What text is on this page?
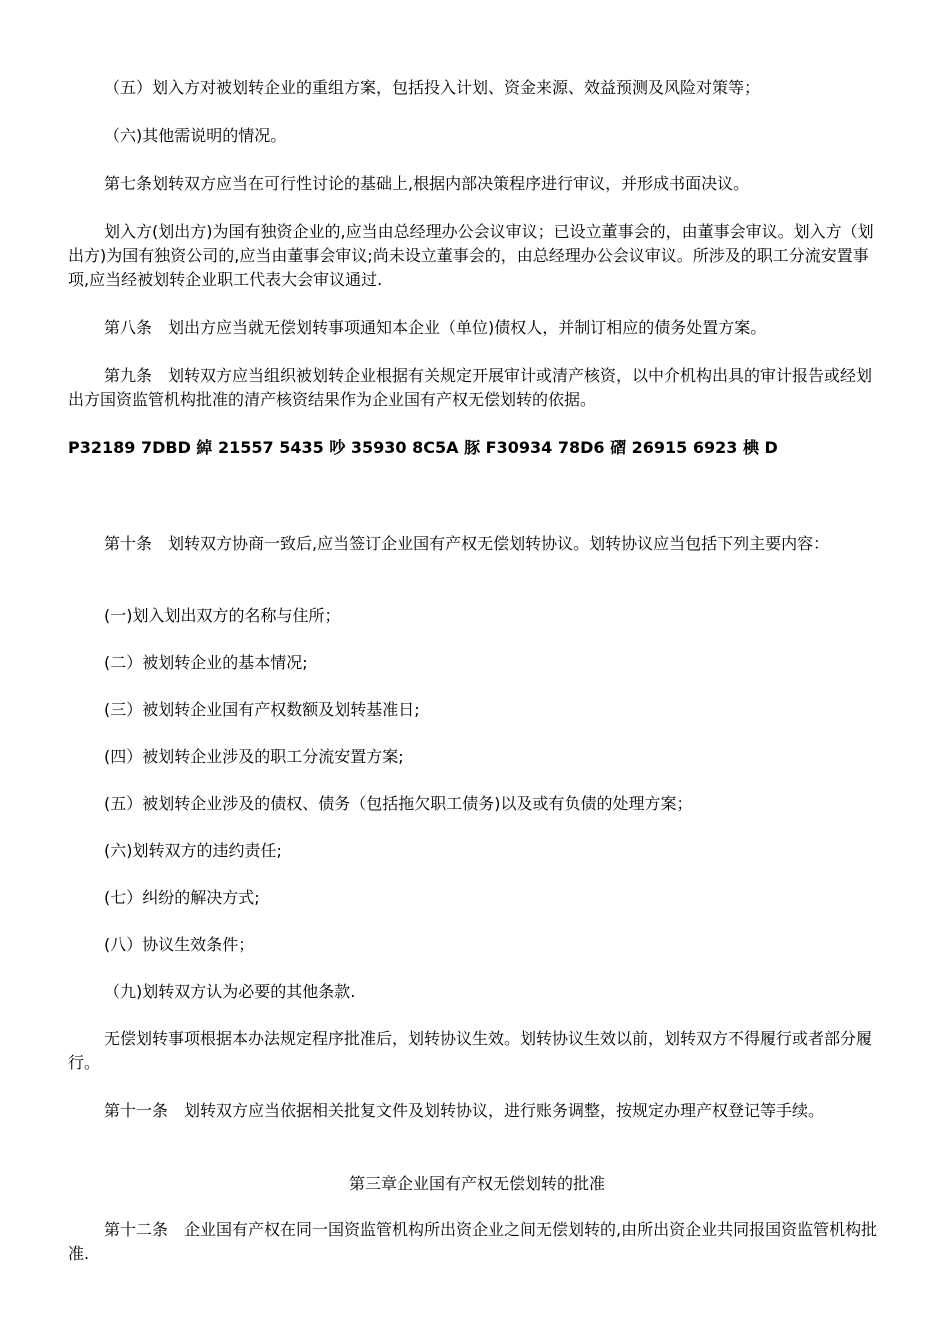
（五）划入方对被划转企业的重组方案，包括投入计划、资金来源、效益预测及风险对策等；

（六)其他需说明的情况。

第七条划转双方应当在可行性讨论的基础上,根据内部决策程序进行审议，并形成书面决议。

划入方(划出方)为国有独资企业的,应当由总经理办公会议审议；已设立董事会的，由董事会审议。划入方（划出方)为国有独资公司的,应当由董事会审议;尚未设立董事会的，由总经理办公会议审议。所涉及的职工分流安置事项,应当经被划转企业职工代表大会审议通过.

第八条　划出方应当就无偿划转事项通知本企业（单位)债权人，并制订相应的债务处置方案。

第九条　划转双方应当组织被划转企业根据有关规定开展审计或清产核资，以中介机构出具的审计报告或经划出方国资监管机构批准的清产核资结果作为企业国有产权无偿划转的依据。

P32189 7DBD 綽 21557 5435 吵 35930 8C5A 豚 F30934 78D6 磖 26915 6923 椣 D

第十条　划转双方协商一致后,应当签订企业国有产权无偿划转协议。划转协议应当包括下列主要内容：

(一)划入划出双方的名称与住所；

(二）被划转企业的基本情况;

(三）被划转企业国有产权数额及划转基准日;

(四）被划转企业涉及的职工分流安置方案;

(五）被划转企业涉及的债权、债务（包括拖欠职工债务)以及或有负债的处理方案；

(六)划转双方的违约责任;

(七）纠纷的解决方式;

(八）协议生效条件；

（九)划转双方认为必要的其他条款.

无偿划转事项根据本办法规定程序批准后，划转协议生效。划转协议生效以前，划转双方不得履行或者部分履行。

第十一条　划转双方应当依据相关批复文件及划转协议，进行账务调整，按规定办理产权登记等手续。

第三章企业国有产权无偿划转的批准

第十二条　企业国有产权在同一国资监管机构所出资企业之间无偿划转的,由所出资企业共同报国资监管机构批准.
